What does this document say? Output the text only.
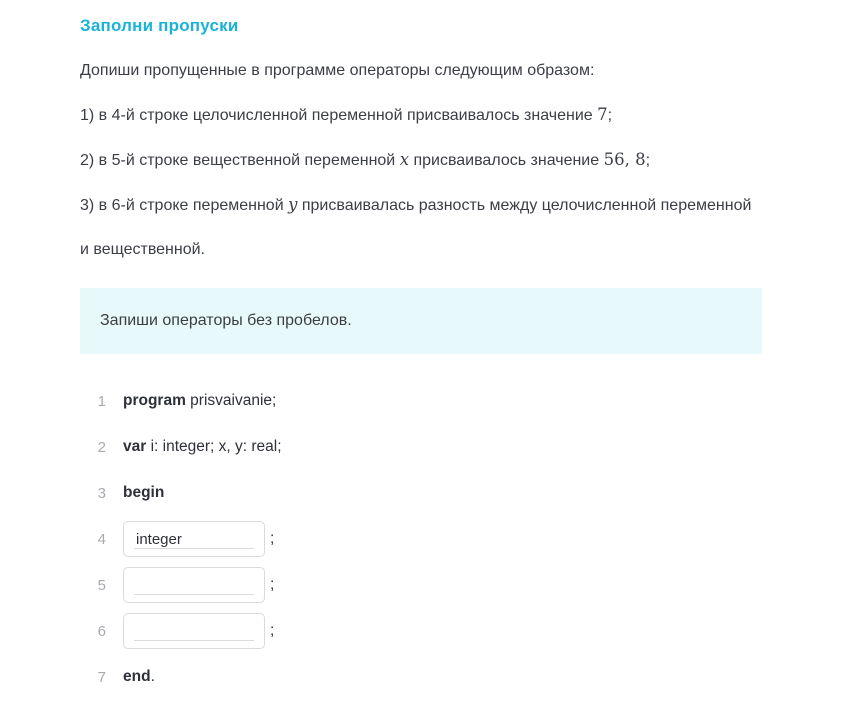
Заполни пропуски
Допиши пропущенные в программе операторы следующим образом:
1) в 4-й строке целочисленной переменной присваивалось значение 7;
2) в 5-й строке вещественной переменной x присваивалось значение 56, 8;
3) в 6-й строке переменной y присваивалась разность между целочисленной переменной и вещественной.
Запиши операторы без пробелов.
1 program prisvaivanie;
2 var i: integer; x, y: real;
3 begin
4
integer	;
5	;
6	;
7 end.
